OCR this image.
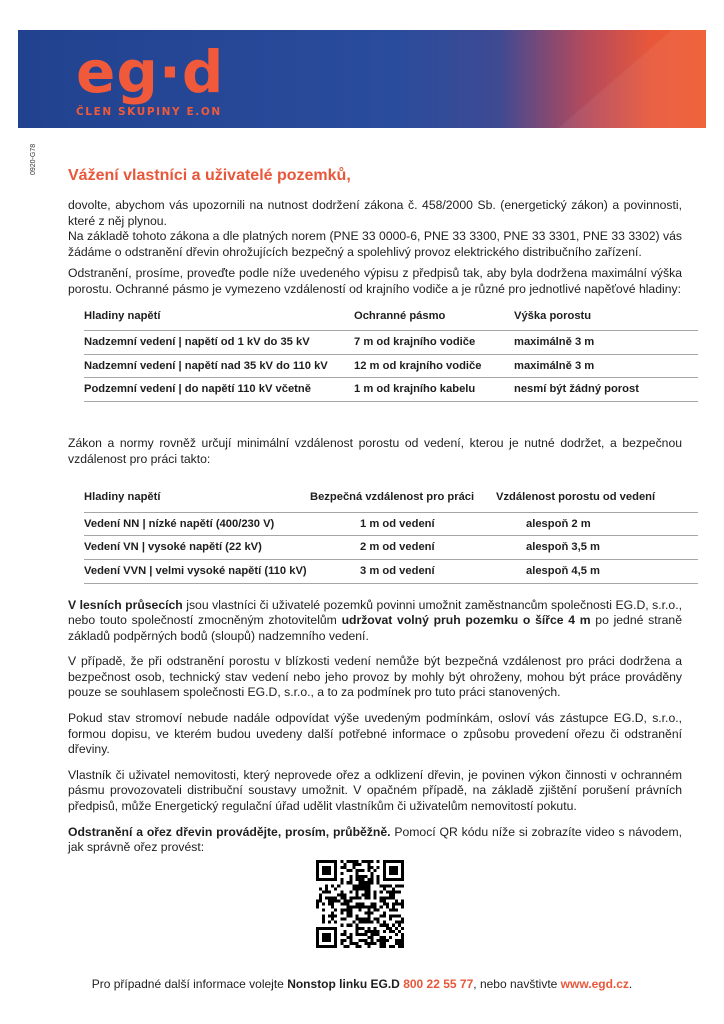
eg·d
ČLEN SKUPINY E.ON
0920-G78
Vážení vlastníci a uživatelé pozemků,

dovolte, abychom vás upozornili na nutnost dodržení zákona č. 458/2000 Sb. (energetický zákon) a povinnosti, které z něj plynou.

Na základě tohoto zákona a dle platných norem (PNE 33 0000-6, PNE 33 3300, PNE 33 3301, PNE 33 3302) vás žádáme o odstranění dřevin ohrožujících bezpečný a spolehlivý provoz elektrického distribučního zařízení.

Odstranění, prosíme, proveďte podle níže uvedeného výpisu z předpisů tak, aby byla dodržena maximální výška porostu. Ochranné pásmo je vymezeno vzdáleností od krajního vodiče a je různé pro jednotlivé napěťové hladiny:

Hladiny napětí	Ochranné pásmo	Výška porostu
Nadzemní vedení | napětí od 1 kV do 35 kV	7 m od krajního vodiče	maximálně 3 m
Nadzemní vedení | napětí nad 35 kV do 110 kV	12 m od krajního vodiče	maximálně 3 m
Podzemní vedení | do napětí 110 kV včetně	1 m od krajního kabelu	nesmí být žádný porost

Zákon a normy rovněž určují minimální vzdálenost porostu od vedení, kterou je nutné dodržet, a bezpečnou vzdálenost pro práci takto:

Hladiny napětí	Bezpečná vzdálenost pro práci	Vzdálenost porostu od vedení
Vedení NN | nízké napětí (400/230 V)	1 m od vedení	alespoň 2 m
Vedení VN | vysoké napětí (22 kV)	2 m od vedení	alespoň 3,5 m
Vedení VVN | velmi vysoké napětí (110 kV)	3 m od vedení	alespoň 4,5 m

V lesních průsecích jsou vlastníci či uživatelé pozemků povinni umožnit zaměstnancům společnosti EG.D, s.r.o., nebo touto společností zmocněným zhotovitelům udržovat volný pruh pozemku o šířce 4 m po jedné straně základů podpěrných bodů (sloupů) nadzemního vedení.

V případě, že při odstranění porostu v blízkosti vedení nemůže být bezpečná vzdálenost pro práci dodržena a bezpečnost osob, technický stav vedení nebo jeho provoz by mohly být ohroženy, mohou být práce prováděny pouze se souhlasem společnosti EG.D, s.r.o., a to za podmínek pro tuto práci stanovených.

Pokud stav stromoví nebude nadále odpovídat výše uvedeným podmínkám, osloví vás zástupce EG.D, s.r.o., formou dopisu, ve kterém budou uvedeny další potřebné informace o způsobu provedení ořezu či odstranění dřeviny.

Vlastník či uživatel nemovitosti, který neprovede ořez a odklizení dřevin, je povinen výkon činnosti v ochranném pásmu provozovateli distribuční soustavy umožnit. V opačném případě, na základě zjištění porušení právních předpisů, může Energetický regulační úřad udělit vlastníkům či uživatelům nemovitostí pokutu.

Odstranění a ořez dřevin provádějte, prosím, průběžně. Pomocí QR kódu níže si zobrazíte video s návodem, jak správně ořez provést:

Pro případné další informace volejte Nonstop linku EG.D 800 22 55 77, nebo navštivte www.egd.cz.
